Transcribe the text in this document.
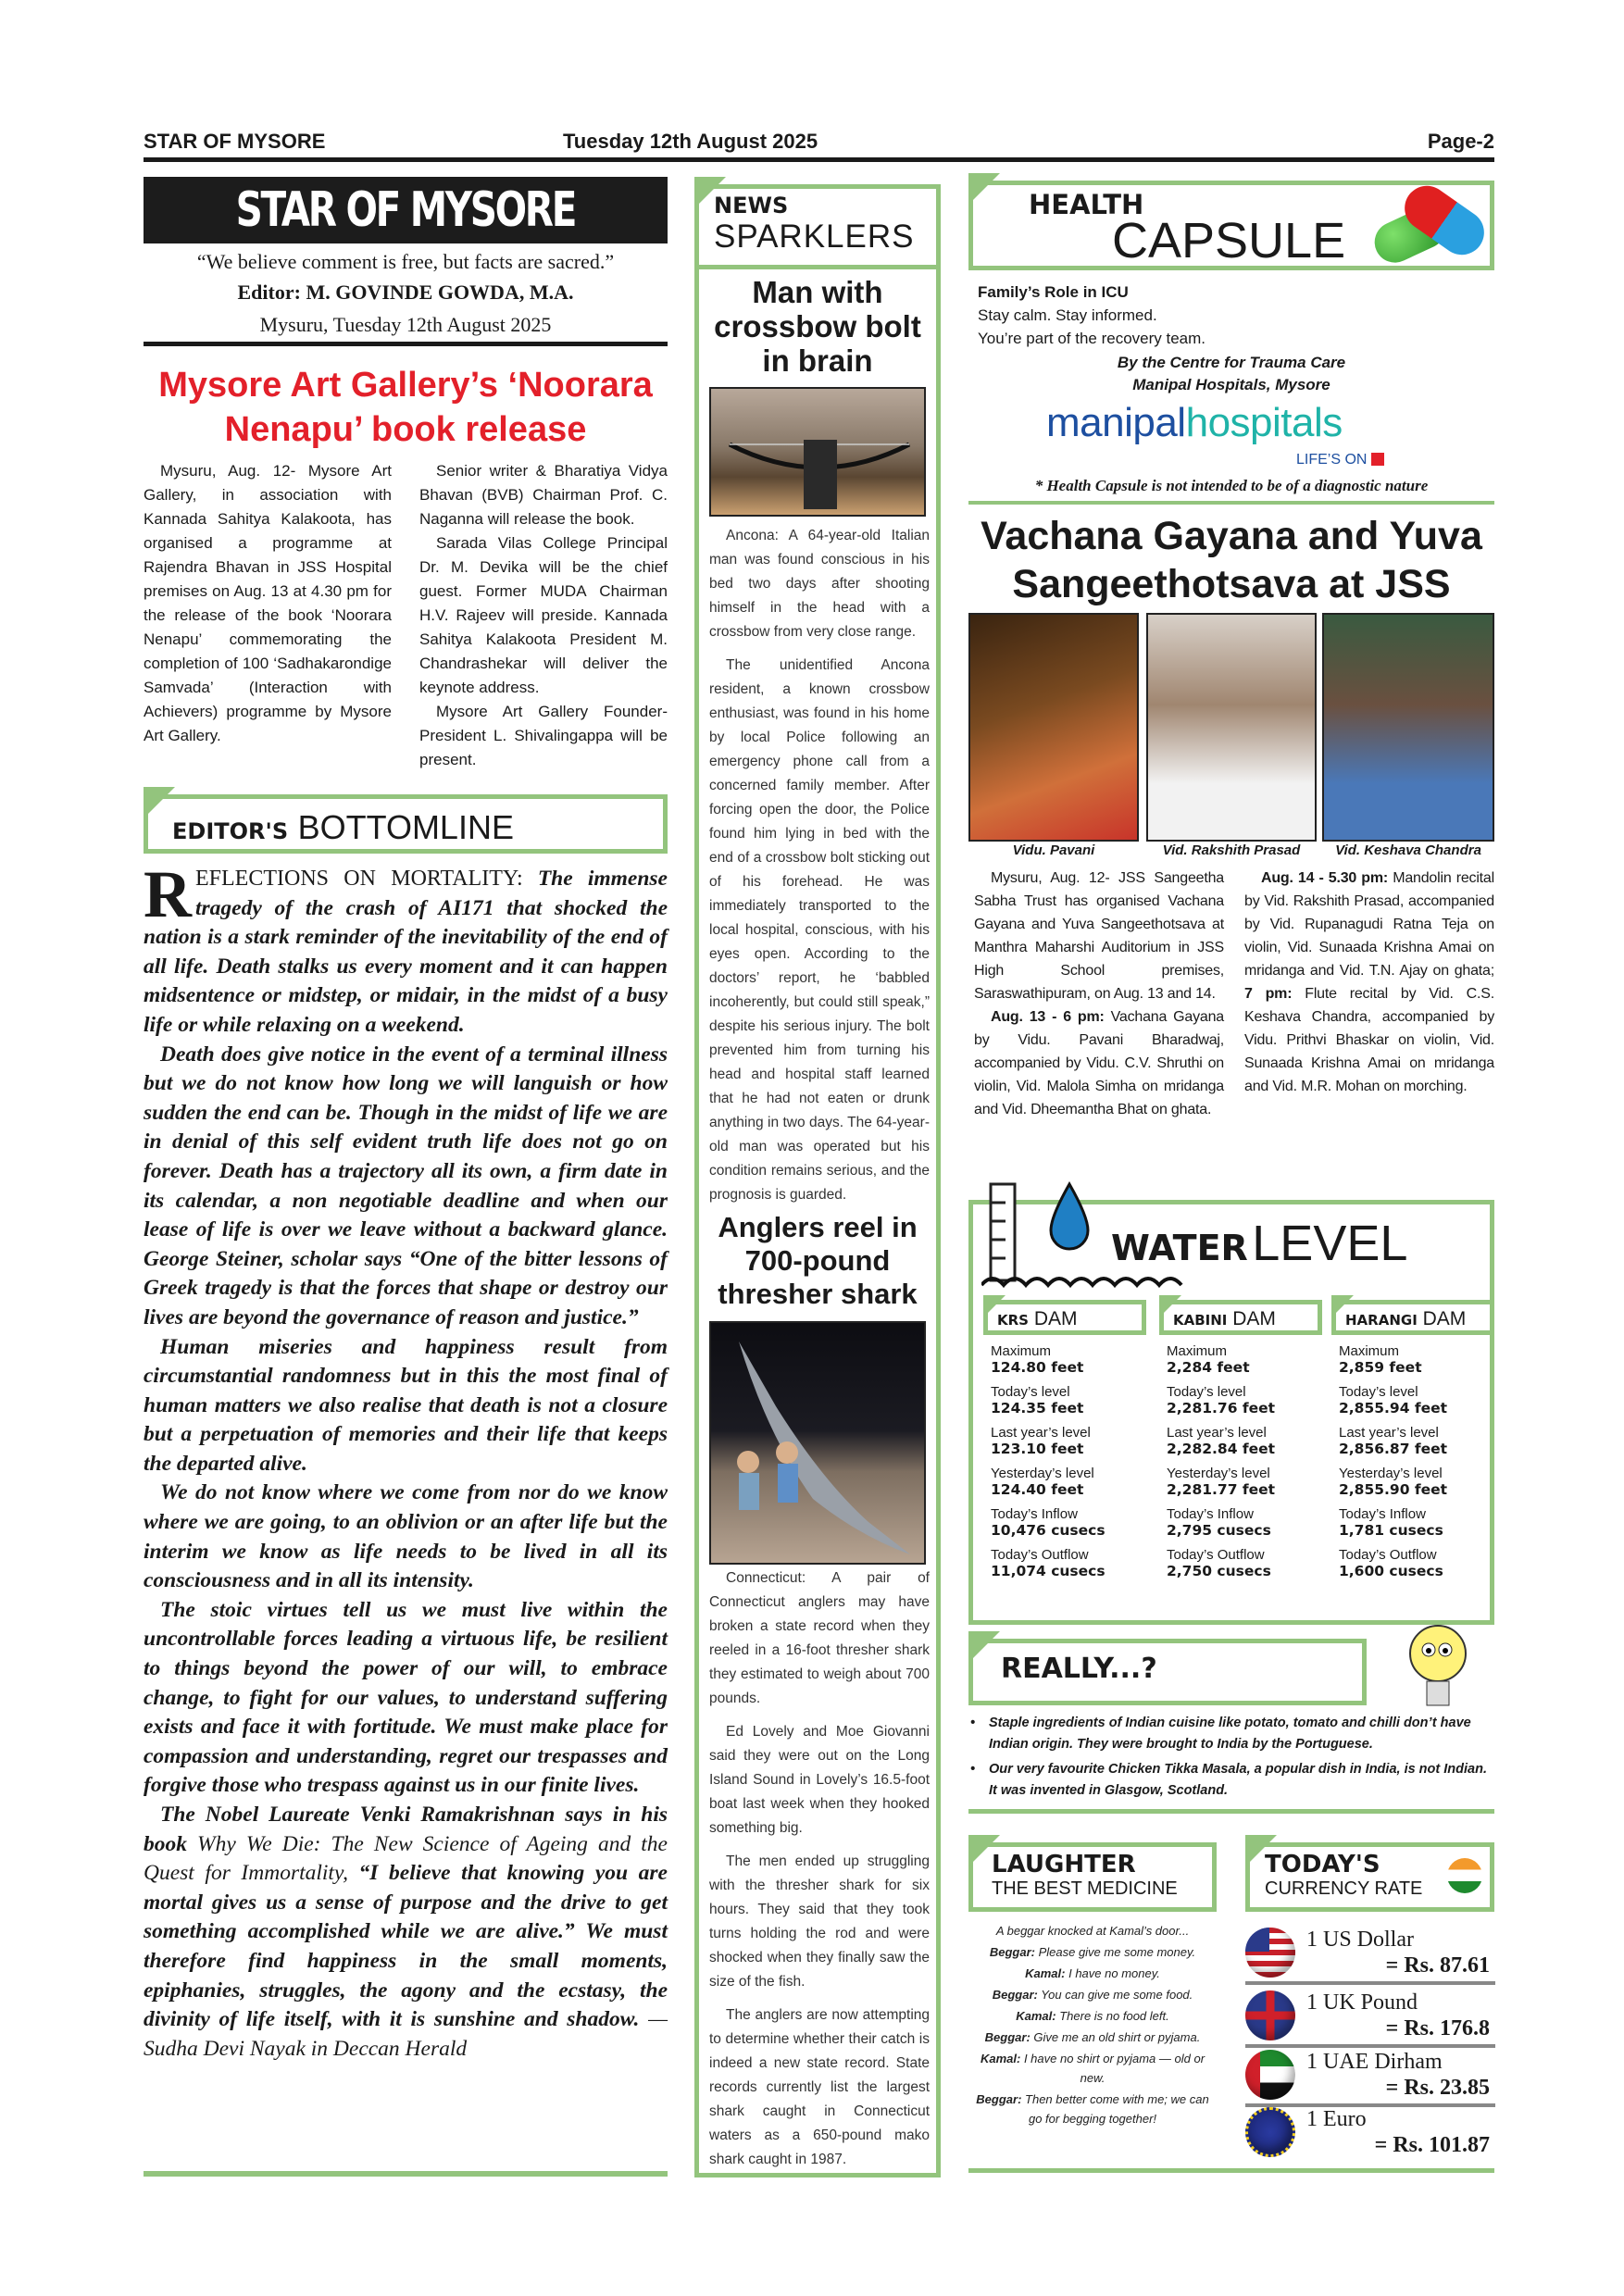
STAR OF MYSORE	Tuesday 12th August 2025	Page-2
STAR OF MYSORE
“We believe comment is free, but facts are sacred.”
Editor: M. GOVINDE GOWDA, M.A.
Mysuru, Tuesday 12th August 2025
Mysore Art Gallery’s ‘Noorara Nenapu’ book release

Mysuru, Aug. 12- Mysore Art Gallery, in association with Kannada Sahitya Kalakoota, has organised a programme at Rajendra Bhavan in JSS Hospital premises on Aug. 13 at 4.30 pm for the release of the book ‘Noorara Nenapu’ commemorating the completion of 100 ‘Sadhakarondige Samvada’ (Interaction with Achievers) programme by Mysore Art Gallery.

Senior writer & Bharatiya Vidya Bhavan (BVB) Chairman Prof. C. Naganna will release the book.

Sarada Vilas College Principal Dr. M. Devika will be the chief guest. Former MUDA Chairman H.V. Rajeev will preside. Kannada Sahitya Kalakoota President M. Chandrashekar will deliver the keynote address.

Mysore Art Gallery Founder-President L. Shivalingappa will be present.

EDITOR'S BOTTOMLINE

REFLECTIONS ON MORTALITY: The immense tragedy of the crash of AI171 that shocked the nation is a stark reminder of the inevitability of the end of all life. Death stalks us every moment and it can happen midsentence or midstep, or midair, in the midst of a busy life or while relaxing on a weekend.

Death does give notice in the event of a terminal illness but we do not know how long we will languish or how sudden the end can be. Though in the midst of life we are in denial of this self evident truth life does not go on forever. Death has a trajectory all its own, a firm date in its calendar, a non negotiable deadline and when our lease of life is over we leave without a backward glance. George Steiner, scholar says “One of the bitter lessons of Greek tragedy is that the forces that shape or destroy our lives are beyond the governance of reason and justice.”

Human miseries and happiness result from circumstantial randomness but in this the most final of human matters we also realise that death is not a closure but a perpetuation of memories and their life that keeps the departed alive.

We do not know where we come from nor do we know where we are going, to an oblivion or an after life but the interim we know as life needs to be lived in all its consciousness and in all its intensity.

The stoic virtues tell us we must live within the uncontrollable forces leading a virtuous life, be resilient to things beyond the power of our will, to embrace change, to fight for our values, to understand suffering exists and face it with fortitude. We must make place for compassion and understanding, regret our trespasses and forgive those who trespass against us in our finite lives.

The Nobel Laureate Venki Ramakrishnan says in his book Why We Die: The New Science of Ageing and the Quest for Immortality, “I believe that knowing you are mortal gives us a sense of purpose and the drive to get something accomplished while we are alive.” We must therefore find happiness in the small moments, epiphanies, struggles, the agony and the ecstasy, the divinity of life itself, with it is sunshine and shadow. —Sudha Devi Nayak in Deccan Herald

NEWS
SPARKLERS
Man with crossbow bolt in brain

Ancona: A 64-year-old Italian man was found conscious in his bed two days after shooting himself in the head with a crossbow from very close range.

The unidentified Ancona resident, a known crossbow enthusiast, was found in his home by local Police following an emergency phone call from a concerned family member. After forcing open the door, the Police found him lying in bed with the end of a crossbow bolt sticking out of his forehead. He was immediately transported to the local hospital, conscious, with his eyes open. According to the doctors’ report, he ‘babbled incoherently, but could still speak,” despite his serious injury. The bolt prevented him from turning his head and hospital staff learned that he had not eaten or drunk anything in two days. The 64-year-old man was operated but his condition remains serious, and the prognosis is guarded.

Anglers reel in 700-pound thresher shark

Connecticut: A pair of Connecticut anglers may have broken a state record when they reeled in a 16-foot thresher shark they estimated to weigh about 700 pounds.

Ed Lovely and Moe Giovanni said they were out on the Long Island Sound in Lovely’s 16.5-foot boat last week when they hooked something big.

The men ended up struggling with the thresher shark for six hours. They said that they took turns holding the rod and were shocked when they finally saw the size of the fish.

The anglers are now attempting to determine whether their catch is indeed a new state record. State records currently list the largest shark caught in Connecticut waters as a 650-pound mako shark caught in 1987.

HEALTH
CAPSULE
Family’s Role in ICU
Stay calm. Stay informed.
You’re part of the recovery team.
By the Centre for Trauma Care
Manipal Hospitals, Mysore
manipalhospitals
LIFE’S ON
* Health Capsule is not intended to be of a diagnostic nature
Vachana Gayana and Yuva Sangeethotsava at JSS
Vidu. Pavani	Vid. Rakshith Prasad	Vid. Keshava Chandra

Mysuru, Aug. 12- JSS Sangeetha Sabha Trust has organised Vachana Gayana and Yuva Sangeethotsava at Manthra Maharshi Auditorium in JSS High School premises, Saraswathipuram, on Aug. 13 and 14.

Aug. 13 - 6 pm: Vachana Gayana by Vidu. Pavani Bharadwaj, accompanied by Vidu. C.V. Shruthi on violin, Vid. Malola Simha on mridanga and Vid. Dheemantha Bhat on ghata.

Aug. 14 - 5.30 pm: Mandolin recital by Vid. Rakshith Prasad, accompanied by Vid. Rupanagudi Ratna Teja on violin, Vid. Sunaada Krishna Amai on mridanga and Vid. T.N. Ajay on ghata; 7 pm: Flute recital by Vid. C.S. Keshava Chandra, accompanied by Vidu. Prithvi Bhaskar on violin, Vid. Sunaada Krishna Amai on mridanga and Vid. M.R. Mohan on morching.

WATER LEVEL
KRS DAM
Maximum
124.80 feet
Today’s level
124.35 feet
Last year’s level
123.10 feet
Yesterday’s level
124.40 feet
Today’s Inflow
10,476 cusecs
Today’s Outflow
11,074 cusecs
KABINI DAM
Maximum
2,284 feet
Today’s level
2,281.76 feet
Last year’s level
2,282.84 feet
Yesterday’s level
2,281.77 feet
Today’s Inflow
2,795 cusecs
Today’s Outflow
2,750 cusecs
HARANGI DAM
Maximum
2,859 feet
Today’s level
2,855.94 feet
Last year’s level
2,856.87 feet
Yesterday’s level
2,855.90 feet
Today’s Inflow
1,781 cusecs
Today’s Outflow
1,600 cusecs
REALLY...?
• Staple ingredients of Indian cuisine like potato, tomato and chilli don’t have Indian origin. They were brought to India by the Portuguese.
• Our very favourite Chicken Tikka Masala, a popular dish in India, is not Indian. It was invented in Glasgow, Scotland.
LAUGHTER
THE BEST MEDICINE
A beggar knocked at Kamal’s door...
Beggar: Please give me some money.
Kamal: I have no money.
Beggar: You can give me some food.
Kamal: There is no food left.
Beggar: Give me an old shirt or pyjama.
Kamal: I have no shirt or pyjama — old or new.
Beggar: Then better come with me; we can go for begging together!
TODAY'S
CURRENCY RATE
1 US Dollar
= Rs. 87.61
1 UK Pound
= Rs. 176.8
1 UAE Dirham
= Rs. 23.85
1 Euro
= Rs. 101.87
